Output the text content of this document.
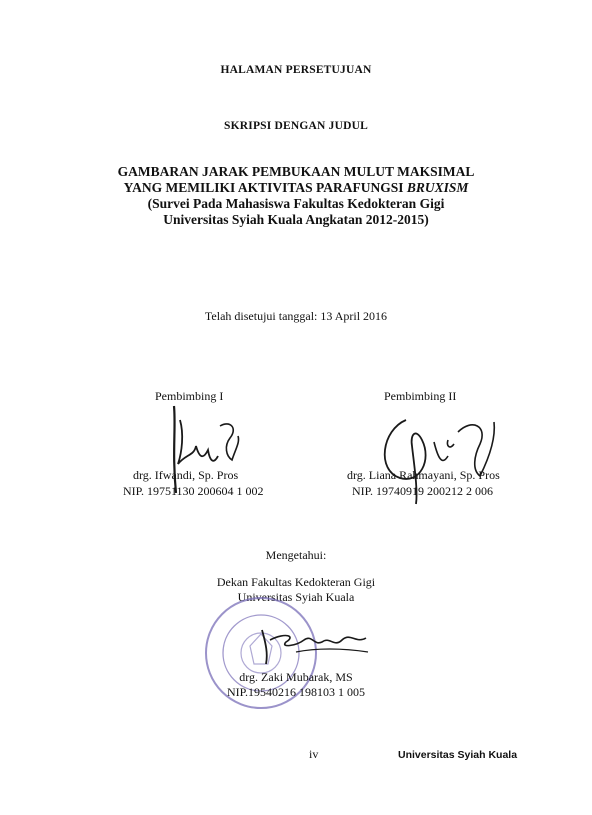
HALAMAN PERSETUJUAN
SKRIPSI DENGAN JUDUL
GAMBARAN JARAK PEMBUKAAN MULUT MAKSIMAL
YANG MEMILIKI AKTIVITAS PARAFUNGSI BRUXISM
(Survei Pada Mahasiswa Fakultas Kedokteran Gigi
Universitas Syiah Kuala Angkatan 2012-2015)
Telah disetujui tanggal: 13 April 2016
Pembimbing I
drg. Ifwandi, Sp. Pros
NIP. 19751130 200604 1 002
Pembimbing II
drg. Liana Rahmayani, Sp. Pros
NIP. 19740919 200212 2 006
Mengetahui:
Dekan Fakultas Kedokteran Gigi
Universitas Syiah Kuala
drg. Zaki Mubarak, MS
NIP.19540216 198103 1 005
iv	Universitas Syiah Kuala
